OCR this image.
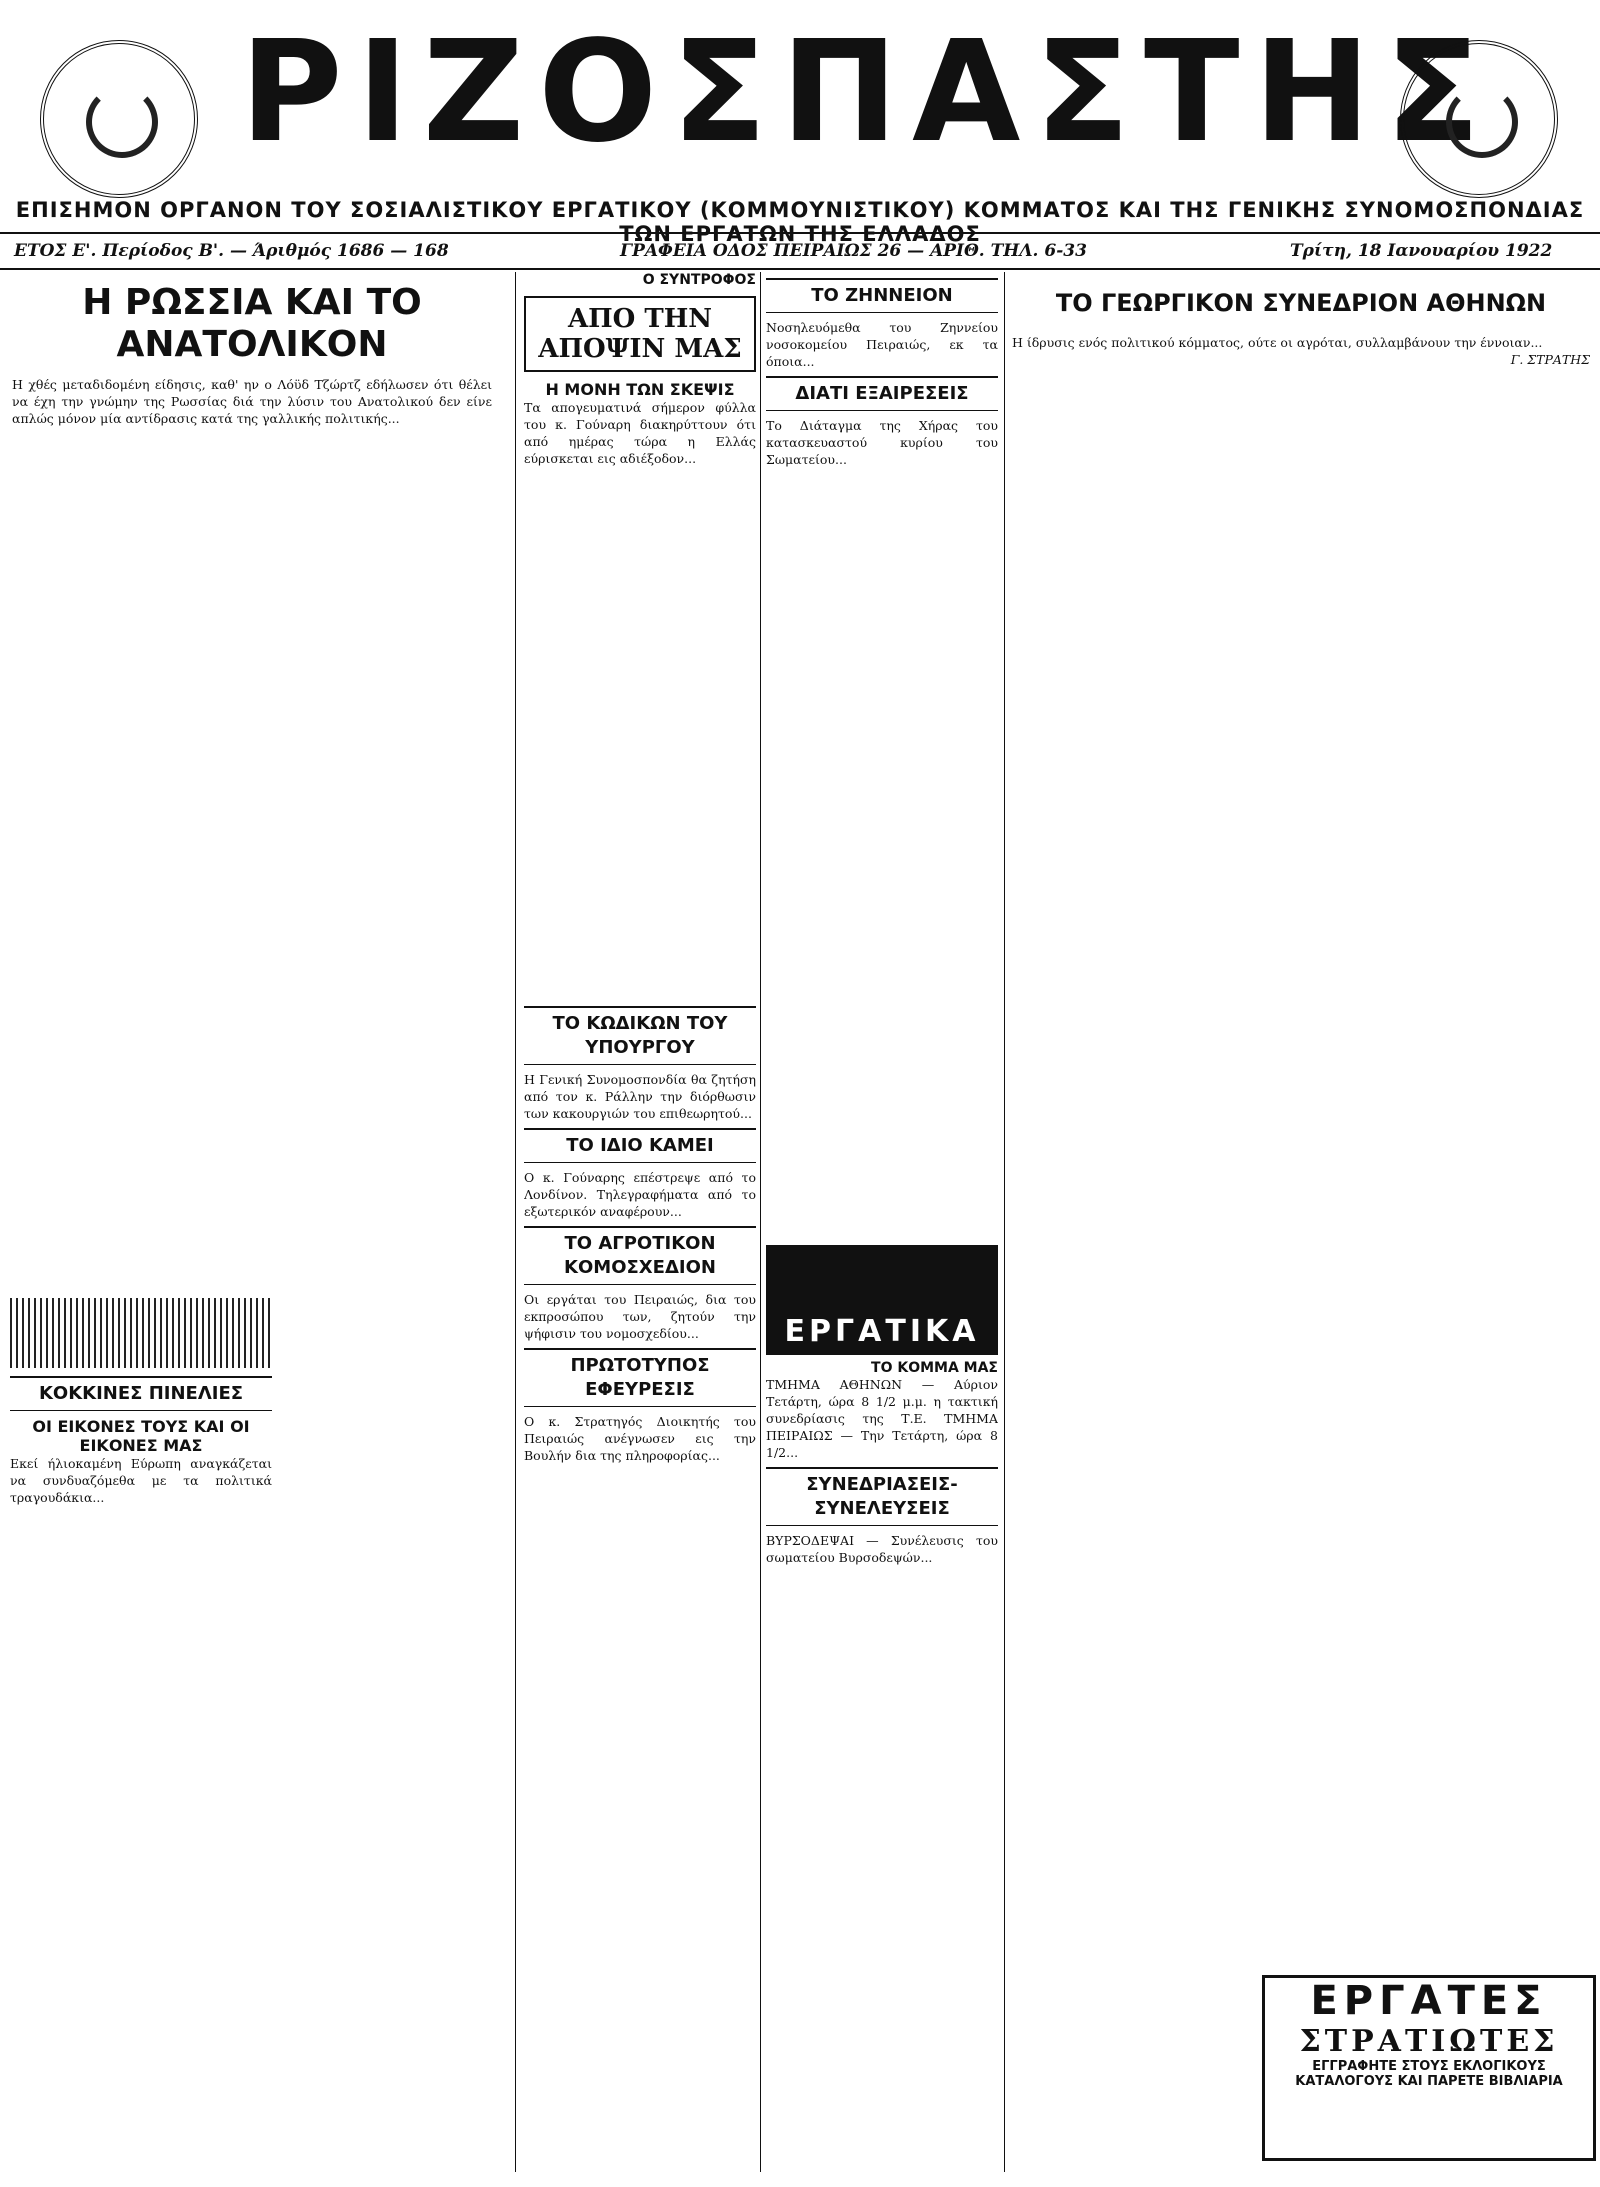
ΡΙΖΟΣΠΑΣΤΗΣ
ΕΠΙΣΗΜΟΝ ΟΡΓΑΝΟΝ ΤΟΥ ΣΟΣΙΑΛΙΣΤΙΚΟΥ ΕΡΓΑΤΙΚΟΥ (ΚΟΜΜΟΥΝΙΣΤΙΚΟΥ) ΚΟΜΜΑΤΟΣ ΚΑΙ ΤΗΣ ΓΕΝΙΚΗΣ ΣΥΝΟΜΟΣΠΟΝΔΙΑΣ ΤΩΝ ΕΡΓΑΤΩΝ ΤΗΣ ΕΛΛΑΔΟΣ
ΕΤΟΣ Ε'. Περίοδος Β'. — Άριθμός 1686 — 168	ΓΡΑΦΕΙΑ ΟΔΟΣ ΠΕΙΡΑΙΩΣ 26 — ΑΡΙΘ. ΤΗΛ. 6-33	Τρίτη, 18 Ιανουαρίου 1922
Η ΡΩΣΣΙΑ ΚΑΙ ΤΟ ΑΝΑΤΟΛΙΚΟΝ
Η χθές μεταδιδομένη είδησις, καθ' ην ο Λόϋδ Τζώρτζ εδήλωσεν ότι θέλει να έχη την γνώμην της Ρωσσίας διά την λύσιν του Ανατολικού δεν είνε απλώς μόνον μία αντίδρασις κατά της γαλλικής πολιτικής...
ΚΟΚΚΙΝΕΣ ΠΙΝΕΛΙΕΣ
ΟΙ ΕΙΚΟΝΕΣ ΤΟΥΣ ΚΑΙ ΟΙ ΕΙΚΟΝΕΣ ΜΑΣ
Εκεί ήλιοκαμένη Εύρωπη αναγκάζεται να συνδυαζόμεθα με τα πολιτικά τραγουδάκια...
Ο ΣΥΝΤΡΟΦΟΣ
ΑΠΟ ΤΗΝ ΑΠΟΨΙΝ ΜΑΣ
Η ΜΟΝΗ ΤΩΝ ΣΚΕΨΙΣ
Τα απογευματινά σήμερον φύλλα του κ. Γούναρη διακηρύττουν ότι από ημέρας τώρα η Ελλάς εύρισκεται εις αδιέξοδον...
ΤΟ ΚΩΔΙΚΩΝ ΤΟΥ ΥΠΟΥΡΓΟΥ
Η Γενική Συνομοσπονδία θα ζητήση από τον κ. Ράλλην την διόρθωσιν των κακουργιών του επιθεωρητού...
ΤΟ ΙΔΙΟ ΚΑΜΕΙ
Ο κ. Γούναρης επέστρεψε από το Λονδίνον. Τηλεγραφήματα από το εξωτερικόν αναφέρουν...
ΤΟ ΑΓΡΟΤΙΚΟΝ ΚΟΜΟΣΧΕΔΙΟΝ
Οι εργάται του Πειραιώς, δια του εκπροσώπου των, ζητούν την ψήφισιν του νομοσχεδίου...
ΠΡΩΤΟΤΥΠΟΣ ΕΦΕΥΡΕΣΙΣ
Ο κ. Στρατηγός Διοικητής του Πειραιώς ανέγνωσεν εις την Βουλήν δια της πληροφορίας...
ΤΟ ΖΗΝΝΕΙΟΝ
Νοσηλευόμεθα του Ζηννείου νοσοκομείου Πειραιώς, εκ τα όποια...
ΔΙΑΤΙ ΕΞΑΙΡΕΣΕΙΣ
Το Διάταγμα της Χήρας του κατασκευαστού κυρίου του Σωματείου...
ΕΡΓΑΤΙΚΑ
ΤΟ ΚΟΜΜΑ ΜΑΣ
ΤΜΗΜΑ ΑΘΗΝΩΝ — Αύριον Τετάρτη, ώρα 8 1/2 μ.μ. η τακτική συνεδρίασις της Τ.Ε. ΤΜΗΜΑ ΠΕΙΡΑΙΩΣ — Την Τετάρτη, ώρα 8 1/2...
ΣΥΝΕΔΡΙΑΣΕΙΣ-ΣΥΝΕΛΕΥΣΕΙΣ
ΒΥΡΣΟΔΕΨΑΙ — Συνέλευσις του σωματείου Βυρσοδεψών...
ΤΟ ΓΕΩΡΓΙΚΟΝ ΣΥΝΕΔΡΙΟΝ ΑΘΗΝΩΝ
Η ίδρυσις ενός πολιτικού κόμματος, ούτε οι αγρόται, συλλαμβάνουν την έννοιαν...
Γ. ΣΤΡΑΤΗΣ
ΕΡΓΑΤΕΣ
ΣΤΡΑΤΙΩΤΕΣ
ΕΓΓΡΑΦΗΤΕ ΣΤΟΥΣ ΕΚΛΟΓΙΚΟΥΣ ΚΑΤΑΛΟΓΟΥΣ ΚΑΙ ΠΑΡΕΤΕ ΒΙΒΛΙΑΡΙΑ
